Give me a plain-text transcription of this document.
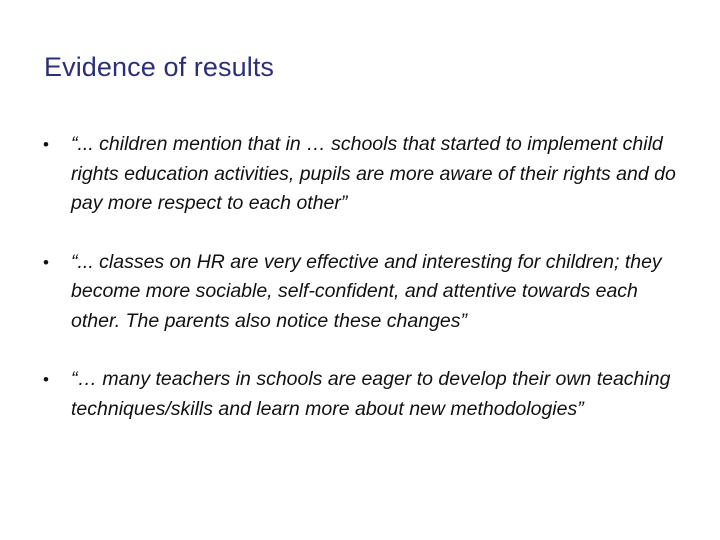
Evidence of results
• “... children mention that in … schools that started to implement child rights education activities, pupils are more aware of their rights and do pay more respect to each other”
• “... classes on HR are very effective and interesting for children; they become more sociable, self-confident, and attentive towards each other. The parents also notice these changes”
• “… many teachers in schools are eager to develop their own teaching techniques/skills and learn more about new methodologies”
